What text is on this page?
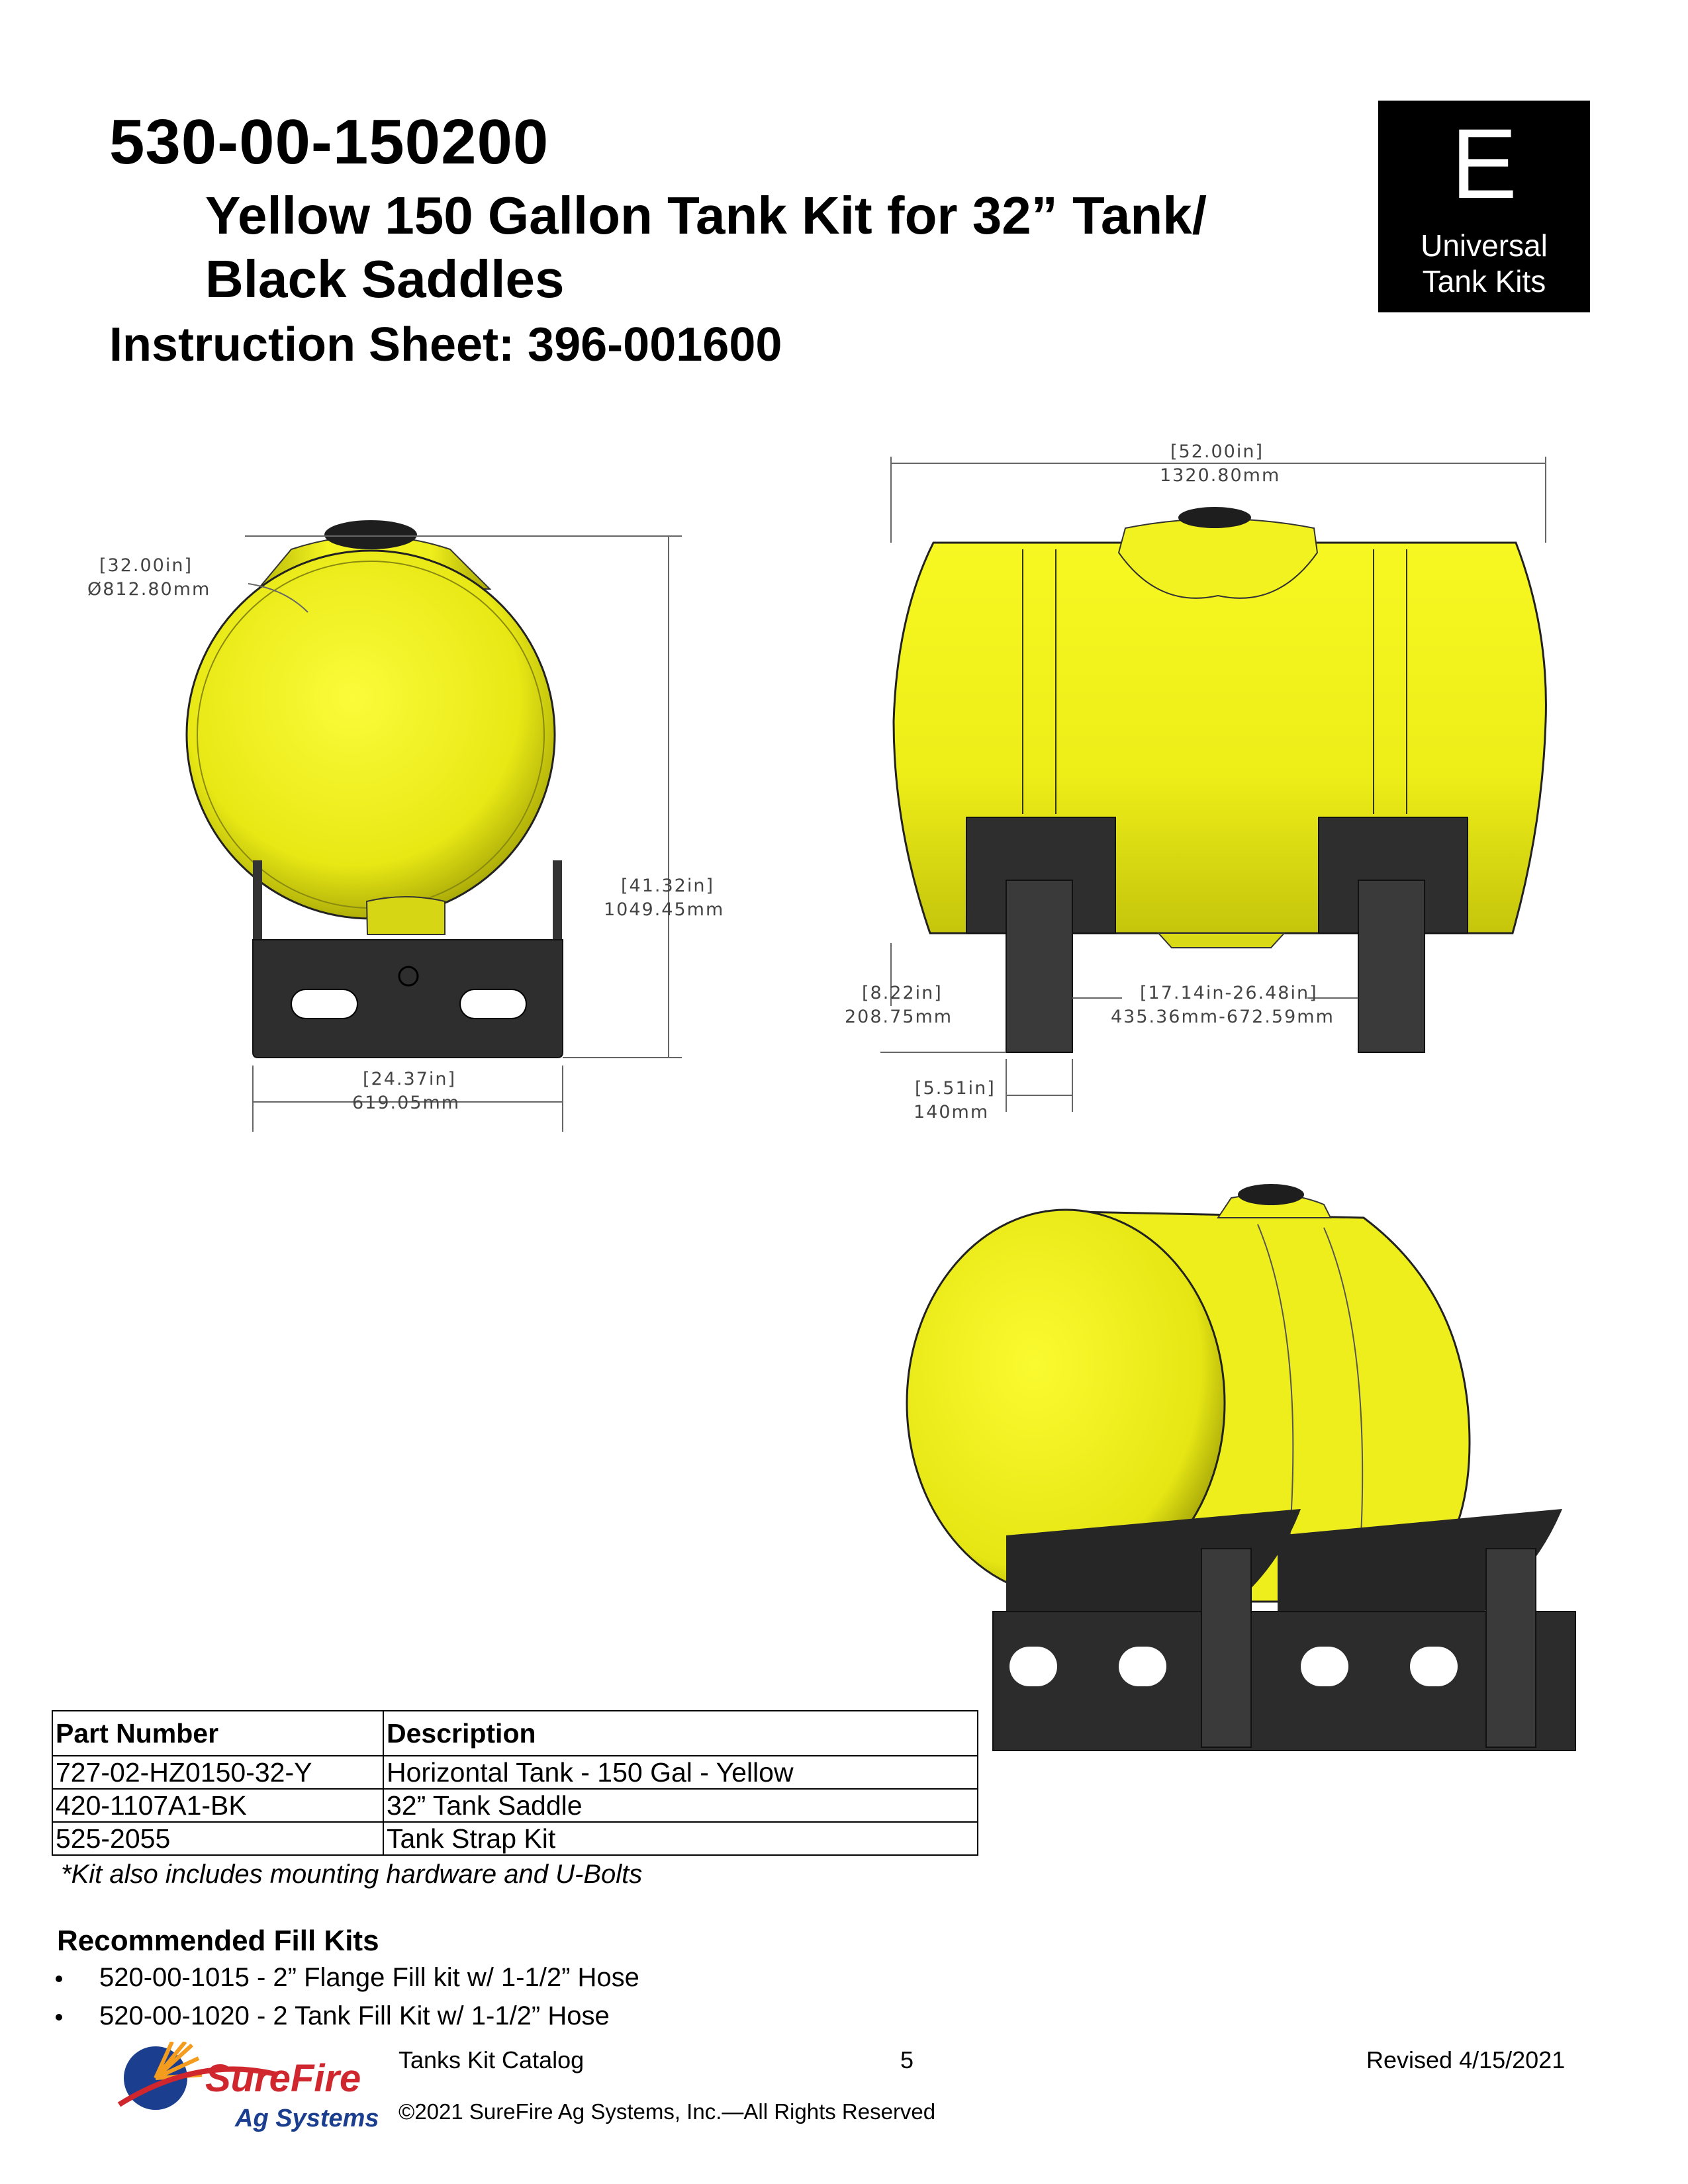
530-00-150200
Yellow 150 Gallon Tank Kit for 32” Tank/
Black Saddles
Instruction Sheet: 396-001600
E
Universal
Tank Kits
[32.00in]
Ø812.80mm
[41.32in]
1049.45mm
[24.37in]
619.05mm
[52.00in]
1320.80mm
[8.22in]
208.75mm
[17.14in-26.48in]
435.36mm-672.59mm
[5.51in]
140mm
Part Number	Description
727-02-HZ0150-32-Y	Horizontal Tank - 150 Gal - Yellow
420-1107A1-BK	32” Tank Saddle
525-2055	Tank Strap Kit
*Kit also includes mounting hardware and U-Bolts
Recommended Fill Kits
520-00-1015 - 2” Flange Fill kit w/ 1-1/2” Hose
520-00-1020 - 2 Tank Fill Kit w/ 1-1/2” Hose
SureFire
Ag Systems
Tanks Kit Catalog	5	Revised 4/15/2021
©2021 SureFire Ag Systems, Inc.—All Rights Reserved
